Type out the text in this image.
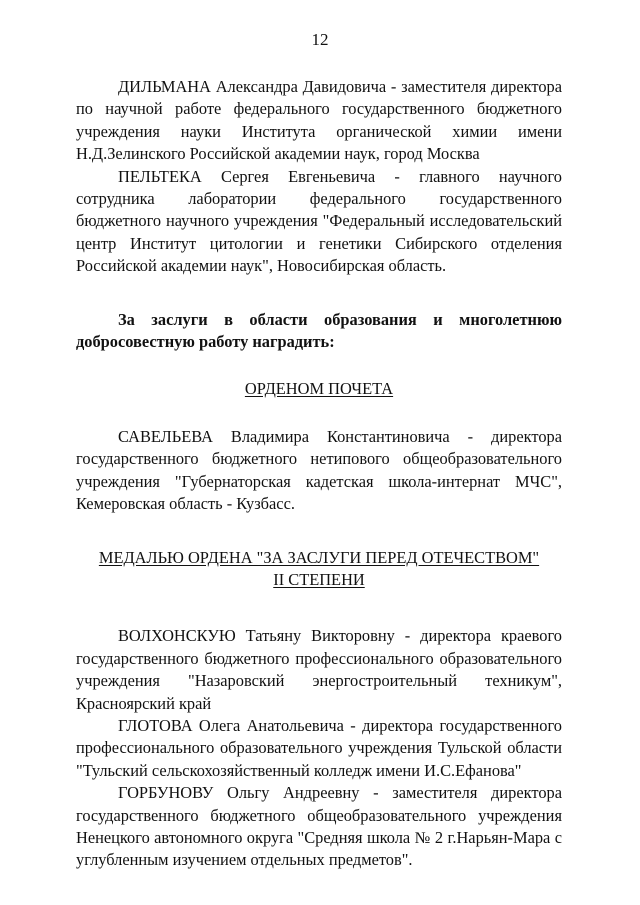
12

ДИЛЬМАНА Александра Давидовича - заместителя директора по научной работе федерального государственного бюджетного учреждения науки Института органической химии имени Н.Д.Зелинского Российской академии наук, город Москва

ПЕЛЬТЕКА Сергея Евгеньевича - главного научного сотрудника лаборатории федерального государственного бюджетного научного учреждения "Федеральный исследовательский центр Институт цитологии и генетики Сибирского отделения Российской академии наук", Новосибирская область.

За заслуги в области образования и многолетнюю добросовестную работу наградить:

ОРДЕНОМ ПОЧЕТА

САВЕЛЬЕВА Владимира Константиновича - директора государственного бюджетного нетипового общеобразовательного учреждения "Губернаторская кадетская школа-интернат МЧС", Кемеровская область - Кузбасс.

МЕДАЛЬЮ ОРДЕНА "ЗА ЗАСЛУГИ ПЕРЕД ОТЕЧЕСТВОМ"
II СТЕПЕНИ

ВОЛХОНСКУЮ Татьяну Викторовну - директора краевого государственного бюджетного профессионального образовательного учреждения "Назаровский энергостроительный техникум", Красноярский край

ГЛОТОВА Олега Анатольевича - директора государственного профессионального образовательного учреждения Тульской области "Тульский сельскохозяйственный колледж имени И.С.Ефанова"

ГОРБУНОВУ Ольгу Андреевну - заместителя директора государственного бюджетного общеобразовательного учреждения Ненецкого автономного округа "Средняя школа № 2 г.Нарьян-Мара с углубленным изучением отдельных предметов".
